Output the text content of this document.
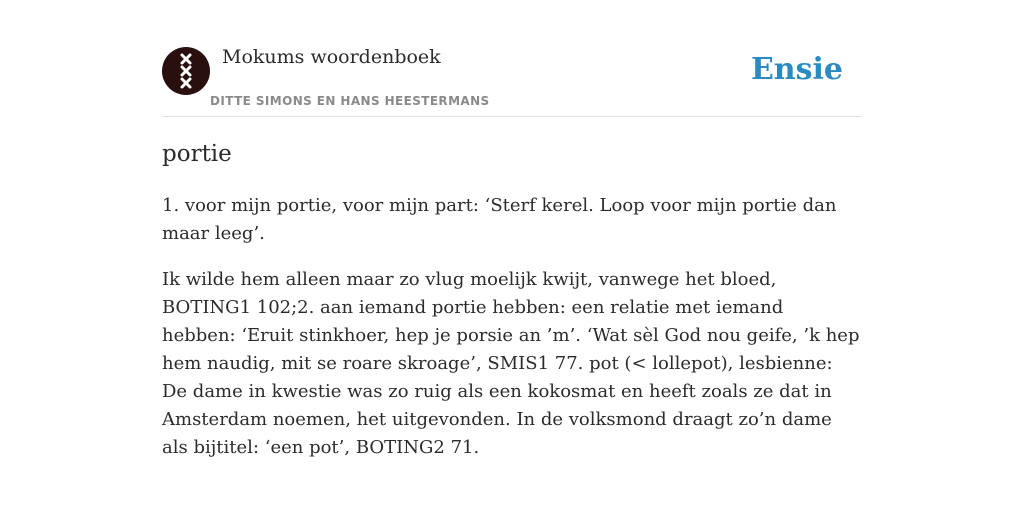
Mokums woordenboek
DITTE SIMONS EN HANS HEESTERMANS
Ensie
portie

1. voor mijn portie, voor mijn part: ‘Sterf kerel. Loop voor mijn portie dan maar leeg’.

Ik wilde hem alleen maar zo vlug moelijk kwijt, vanwege het bloed, BOTING1 102;2. aan iemand portie hebben: een relatie met iemand hebben: ‘Eruit stinkhoer, hep je porsie an ’m’. ‘Wat sèl God nou geife, ’k hep hem naudig, mit se roare skroage’, SMIS1 77. pot (< lollepot), lesbienne: De dame in kwestie was zo ruig als een kokosmat en heeft zoals ze dat in Amsterdam noemen, het uitgevonden. In de volksmond draagt zo’n dame als bijtitel: ‘een pot’, BOTING2 71.
